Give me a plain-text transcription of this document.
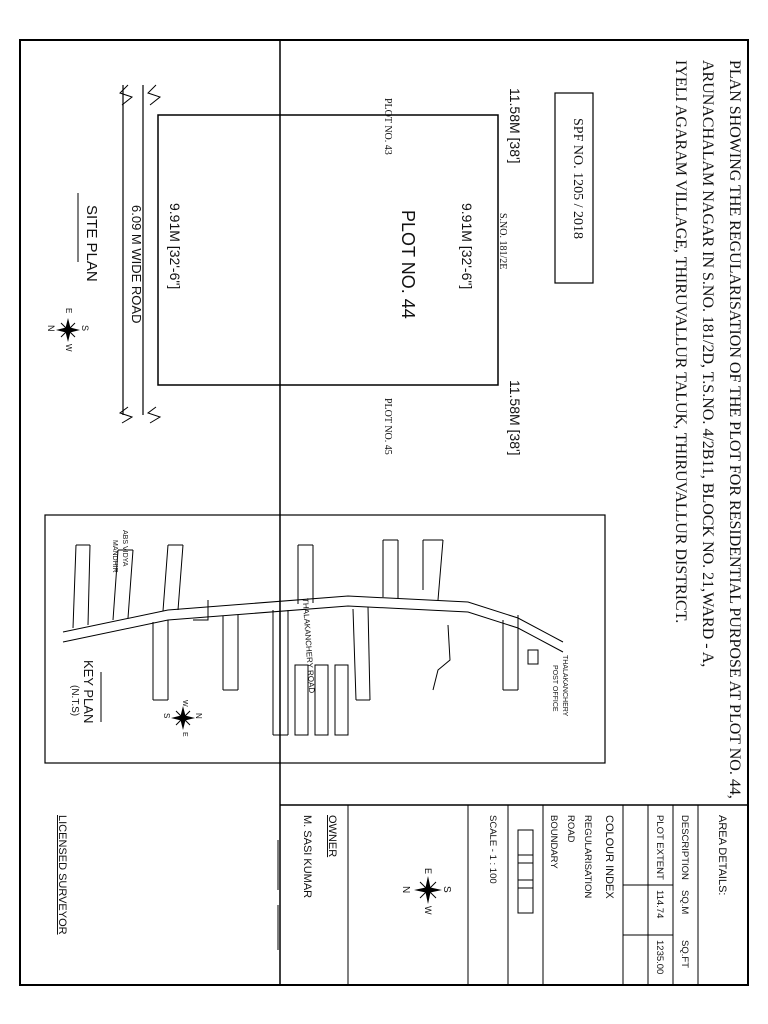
PLAN SHOWING THE REGULARISATION OF THE PLOT FOR RESIDENTIAL PURPOSE AT PLOT NO. 44,
ARUNACHALAM NAGAR IN S.NO. 181/2D, T.S.NO. 4/2B11, BLOCK NO. 21,WARD - A,
IYELI AGARAM VILLAGE, THIRUVALLUR TALUK, THIRUVALLUR DISTRICT.
SPF NO. 1205 / 2018
PLOT NO. 44
11.58M [38']
11.58M [38']
9.91M [32'-6"]
9.91M [32'-6"]
PLOT NO. 43
PLOT NO. 45
S.NO. 181/2E
6.09 M WIDE ROAD
SITE PLAN
S
N
E
W
THALAKANCHERY ROAD
ABS VIDYA
MANDHIR
THALAKANCHERY
POST OFFICE
KEY PLAN
(N.T.S)	N
S
W
E
AREA DETAILS:
DESCRIPTION
SQ.M
SQ.FT
PLOT EXTENT
114.74
1235.00
COLOUR INDEX
REGULARISATION
ROAD
BOUNDARY
SCALE - 1 : 100
S
N
E
W
OWNER
M. SASI KUMAR
LICENSED SURVEYOR
